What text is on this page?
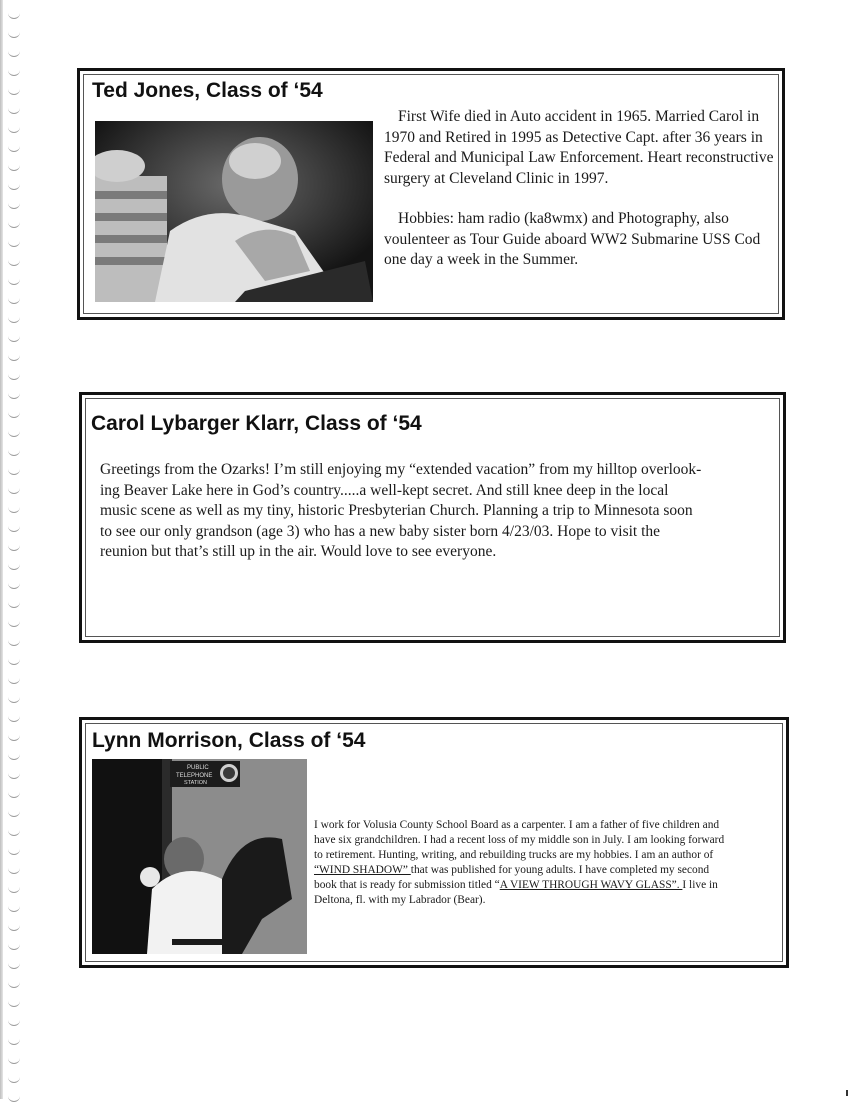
Ted Jones, Class of ‘54

First Wife died in Auto accident in 1965. Married Carol in 1970 and Retired in 1995 as Detective Capt. after 36 years in Federal and Municipal Law Enforcement. Heart reconstructive surgery at Cleveland Clinic in 1997.

Hobbies: ham radio (ka8wmx) and Photography, also voulenteer as Tour Guide aboard WW2 Submarine USS Cod one day a week in the Summer.

Carol Lybarger Klarr, Class of ‘54
Greetings from the Ozarks! I’m still enjoying my “extended vacation” from my hilltop overlook-
ing Beaver Lake here in God’s country.....a well-kept secret. And still knee deep in the local
music scene as well as my tiny, historic Presbyterian Church. Planning a trip to Minnesota soon
to see our only grandson (age 3) who has a new baby sister born 4/23/03. Hope to visit the
reunion but that’s still up in the air. Would love to see everyone.
Lynn Morrison, Class of ‘54
PUBLIC
TELEPHONE
STATION
I work for Volusia County School Board as a carpenter. I am a father of five children and
have six grandchildren. I had a recent loss of my middle son in July. I am looking forward
to retirement. Hunting, writing, and rebuilding trucks are my hobbies. I am an author of
“WIND SHADOW” that was published for young adults. I have completed my second
book that is ready for submission titled “A VIEW THROUGH WAVY GLASS”. I live in
Deltona, fl. with my Labrador (Bear).
